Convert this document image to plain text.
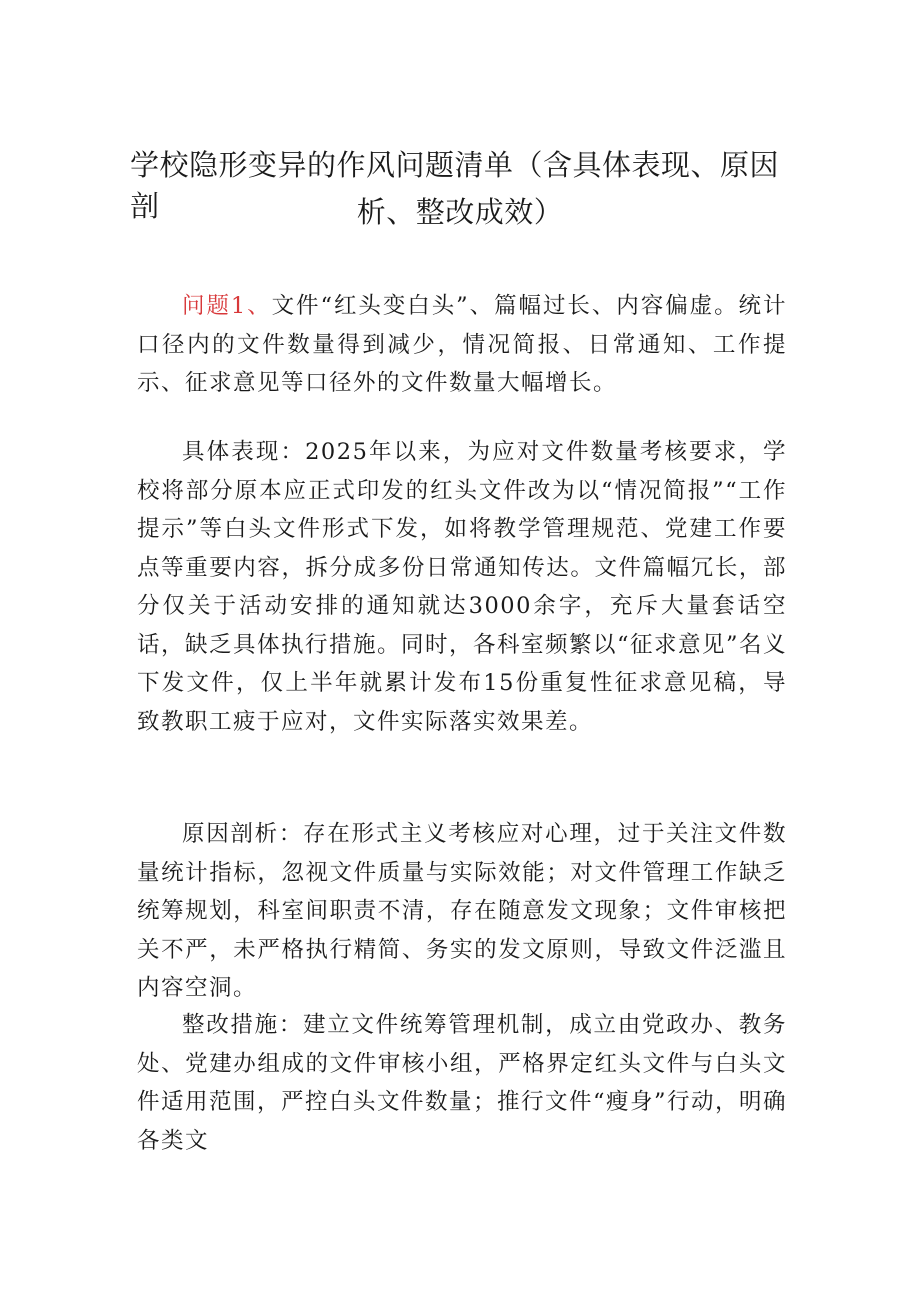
学校隐形变异的作风问题清单（含具体表现、原因剖	析、整改成效）

问题1、文件“红头变白头”、篇幅过长、内容偏虚。统计口径内的文件数量得到减少，情况简报、日常通知、工作提示、征求意见等口径外的文件数量大幅增长。

具体表现：2025年以来，为应对文件数量考核要求，学校将部分原本应正式印发的红头文件改为以“情况简报”“工作提示”等白头文件形式下发，如将教学管理规范、党建工作要点等重要内容，拆分成多份日常通知传达。文件篇幅冗长，部分仅关于活动安排的通知就达3000余字，充斥大量套话空话，缺乏具体执行措施。同时，各科室频繁以“征求意见”名义下发文件，仅上半年就累计发布15份重复性征求意见稿，导致教职工疲于应对，文件实际落实效果差。

原因剖析：存在形式主义考核应对心理，过于关注文件数量统计指标，忽视文件质量与实际效能；对文件管理工作缺乏统筹规划，科室间职责不清，存在随意发文现象；文件审核把关不严，未严格执行精简、务实的发文原则，导致文件泛滥且内容空洞。

整改措施：建立文件统筹管理机制，成立由党政办、教务处、党建办组成的文件审核小组，严格界定红头文件与白头文件适用范围，严控白头文件数量；推行文件“瘦身”行动，明确各类文
